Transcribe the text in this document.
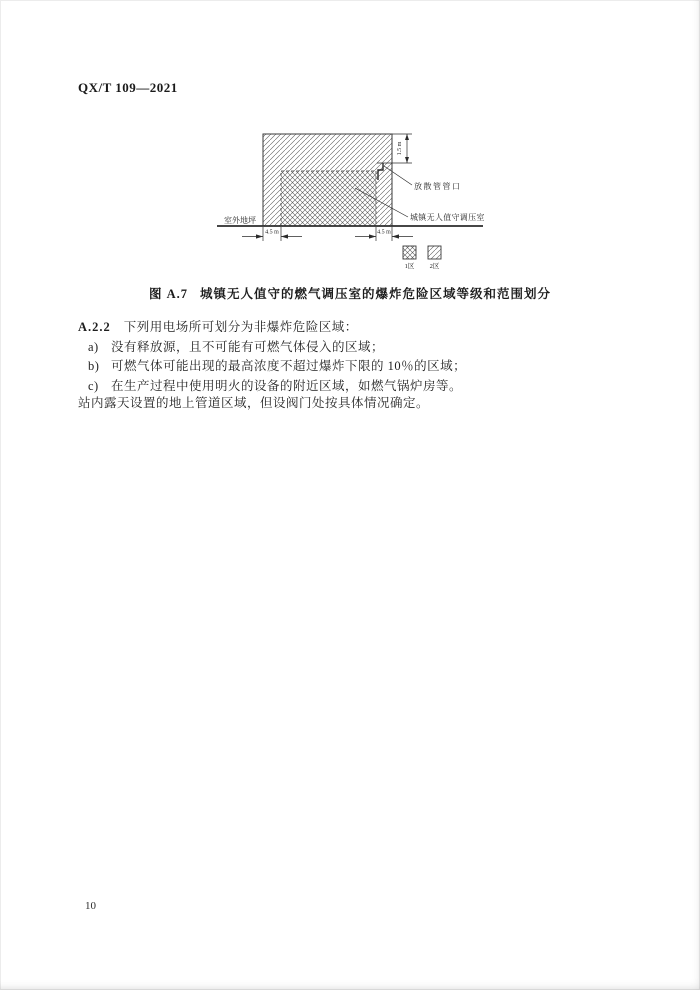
QX/T 109—2021
室外地坪
1.5 m
放散管管口
城镇无人值守调压室
4.5 m	4.5 m
1区 2区
图 A.7 城镇无人值守的燃气调压室的爆炸危险区域等级和范围划分
A.2.2 下列用电场所可划分为非爆炸危险区域：
a) 没有释放源，且不可能有可燃气体侵入的区域；
b) 可燃气体可能出现的最高浓度不超过爆炸下限的 10％的区域；
c) 在生产过程中使用明火的设备的附近区域，如燃气锅炉房等。
站内露天设置的地上管道区域，但设阀门处按具体情况确定。
10
